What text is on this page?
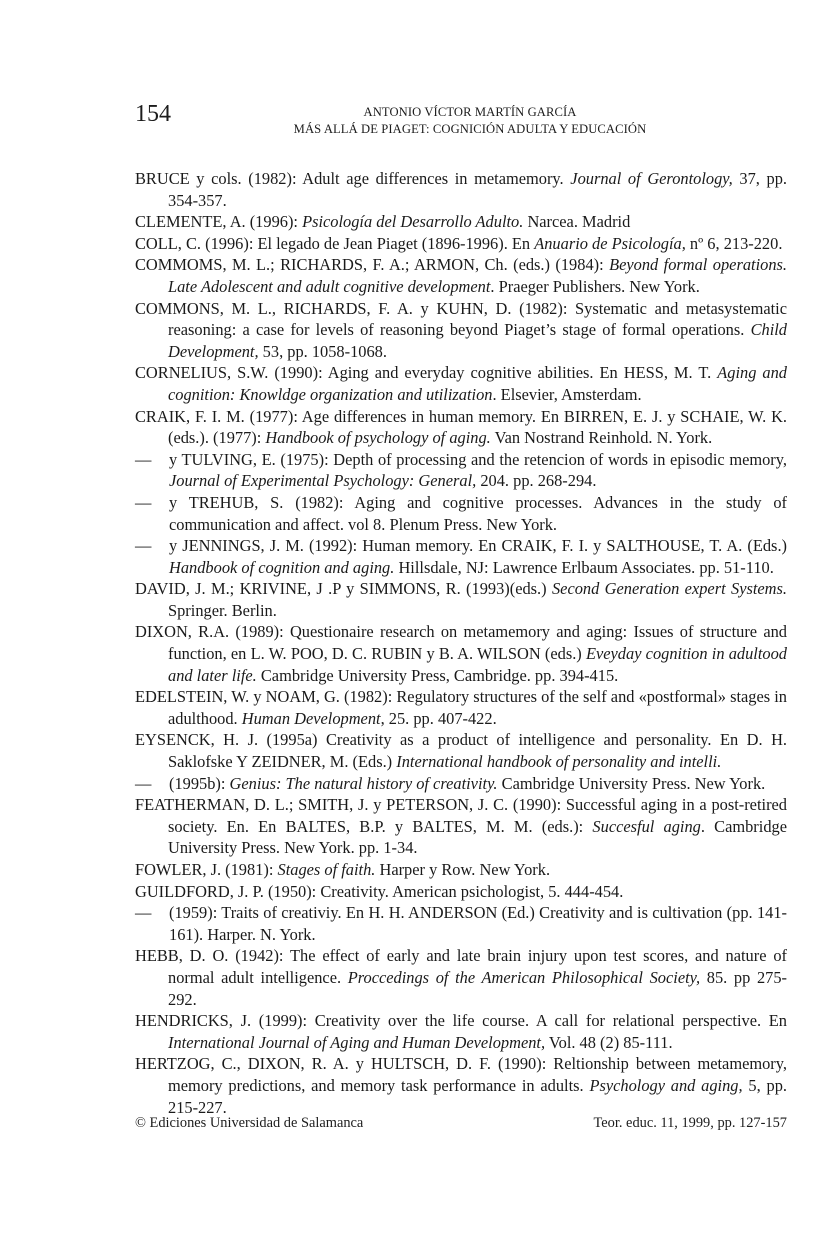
154	ANTONIO VÍCTOR MARTÍN GARCÍA
MÁS ALLÁ DE PIAGET: COGNICIÓN ADULTA Y EDUCACIÓN
BRUCE y cols. (1982): Adult age differences in metamemory. Journal of Gerontology, 37, pp. 354-357.
CLEMENTE, A. (1996): Psicología del Desarrollo Adulto. Narcea. Madrid
COLL, C. (1996): El legado de Jean Piaget (1896-1996). En Anuario de Psicología, nº 6, 213-220.
COMMOMS, M. L.; RICHARDS, F. A.; ARMON, Ch. (eds.) (1984): Beyond formal operations. Late Adolescent and adult cognitive development. Praeger Publishers. New York.
COMMONS, M. L., RICHARDS, F. A. y KUHN, D. (1982): Systematic and metasystematic reasoning: a case for levels of reasoning beyond Piaget’s stage of formal operations. Child Development, 53, pp. 1058-1068.
CORNELIUS, S.W. (1990): Aging and everyday cognitive abilities. En HESS, M. T. Aging and cognition: Knowldge organization and utilization. Elsevier, Amsterdam.
CRAIK, F. I. M. (1977): Age differences in human memory. En BIRREN, E. J. y SCHAIE, W. K. (eds.). (1977): Handbook of psychology of aging. Van Nostrand Reinhold. N. York.
— y TULVING, E. (1975): Depth of processing and the retencion of words in episodic memory, Journal of Experimental Psychology: General, 204. pp. 268-294.
— y TREHUB, S. (1982): Aging and cognitive processes. Advances in the study of communication and affect. vol 8. Plenum Press. New York.
— y JENNINGS, J. M. (1992): Human memory. En CRAIK, F. I. y SALTHOUSE, T. A. (Eds.) Handbook of cognition and aging. Hillsdale, NJ: Lawrence Erlbaum Associates. pp. 51-110.
DAVID, J. M.; KRIVINE, J .P y SIMMONS, R. (1993)(eds.) Second Generation expert Systems. Springer. Berlin.
DIXON, R.A. (1989): Questionaire research on metamemory and aging: Issues of structure and function, en L. W. POO, D. C. RUBIN y B. A. WILSON (eds.) Eveyday cognition in adultood and later life. Cambridge University Press, Cambridge. pp. 394-415.
EDELSTEIN, W. y NOAM, G. (1982): Regulatory structures of the self and «postformal» stages in adulthood. Human Development, 25. pp. 407-422.
EYSENCK, H. J. (1995a) Creativity as a product of intelligence and personality. En D. H. Saklofske Y ZEIDNER, M. (Eds.) International handbook of personality and intelli.
— (1995b): Genius: The natural history of creativity. Cambridge University Press. New York.
FEATHERMAN, D. L.; SMITH, J. y PETERSON, J. C. (1990): Successful aging in a post-retired society. En. En BALTES, B.P. y BALTES, M. M. (eds.): Succesful aging. Cambridge University Press. New York. pp. 1-34.
FOWLER, J. (1981): Stages of faith. Harper y Row. New York.
GUILDFORD, J. P. (1950): Creativity. American psichologist, 5. 444-454.
— (1959): Traits of creativiy. En H. H. ANDERSON (Ed.) Creativity and is cultivation (pp. 141-161). Harper. N. York.
HEBB, D. O. (1942): The effect of early and late brain injury upon test scores, and nature of normal adult intelligence. Proccedings of the American Philosophical Society, 85. pp 275-292.
HENDRICKS, J. (1999): Creativity over the life course. A call for relational perspective. En International Journal of Aging and Human Development, Vol. 48 (2) 85-111.
HERTZOG, C., DIXON, R. A. y HULTSCH, D. F. (1990): Reltionship between metamemory, memory predictions, and memory task performance in adults. Psychology and aging, 5, pp. 215-227.
© Ediciones Universidad de Salamanca	Teor. educ. 11, 1999, pp. 127-157
